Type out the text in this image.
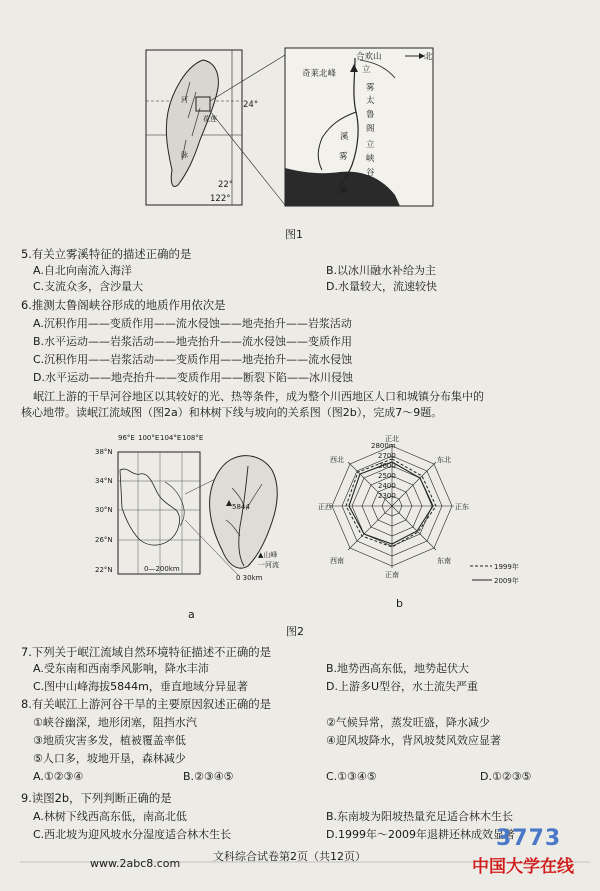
河
花莲
脉
24°
22°
122°
合欢山
立
奇莱北峰
雾
太
鲁
阁
溪
立
雾 峡
谷
溪
北
图1
5.有关立雾溪特征的描述正确的是
A.自北向南流入海洋	B.以冰川融水补给为主
C.支流众多，含沙量大	D.水量较大，流速较快
6.推测太鲁阁峡谷形成的地质作用依次是
A.沉积作用——变质作用——流水侵蚀——地壳抬升——岩浆活动
B.水平运动——岩浆活动——地壳抬升——流水侵蚀——变质作用
C.沉积作用——岩浆活动——变质作用——地壳抬升——流水侵蚀
D.水平运动——地壳抬升——变质作用——断裂下陷——冰川侵蚀
岷江上游的干旱河谷地区以其较好的光、热等条件，成为整个川西地区人口和城镇分布集中的
核心地带。读岷江流域图（图2a）和林树下线与坡向的关系图（图2b），完成7～9题。
96°E 100°E 104°E 108°E
38°N
34°N
30°N
26°N
22°N	0—200km
5844
▲山峰
一河流
0 30km
a
正北
东北
正东
东南
正南
西南
正西
西北
2800m
2700
2600
2500
2400
2300
1999年
2009年
b
图2
7.下列关于岷江流域自然环境特征描述不正确的是
A.受东南和西南季风影响，降水丰沛	B.地势西高东低，地势起伏大
C.图中山峰海拔5844m，垂直地域分异显著	D.上游多U型谷，水土流失严重
8.有关岷江上游河谷干旱的主要原因叙述正确的是
①峡谷幽深，地形闭塞，阻挡水汽	②气候异常，蒸发旺盛，降水减少
③地质灾害多发，植被覆盖率低	④迎风坡降水，背风坡焚风效应显著
⑤人口多，坡地开垦，森林减少
A.①②③④	B.②③④⑤	C.①③④⑤	D.①②③⑤
9.读图2b，下列判断正确的是
A.林树下线西高东低，南高北低	B.东南坡为阳坡热量充足适合林木生长
C.西北坡为迎风坡水分湿度适合林木生长	D.1999年～2009年退耕还林成效显著
www.2abc8.com
文科综合试卷第2页（共12页）
3773
中国大学在线
